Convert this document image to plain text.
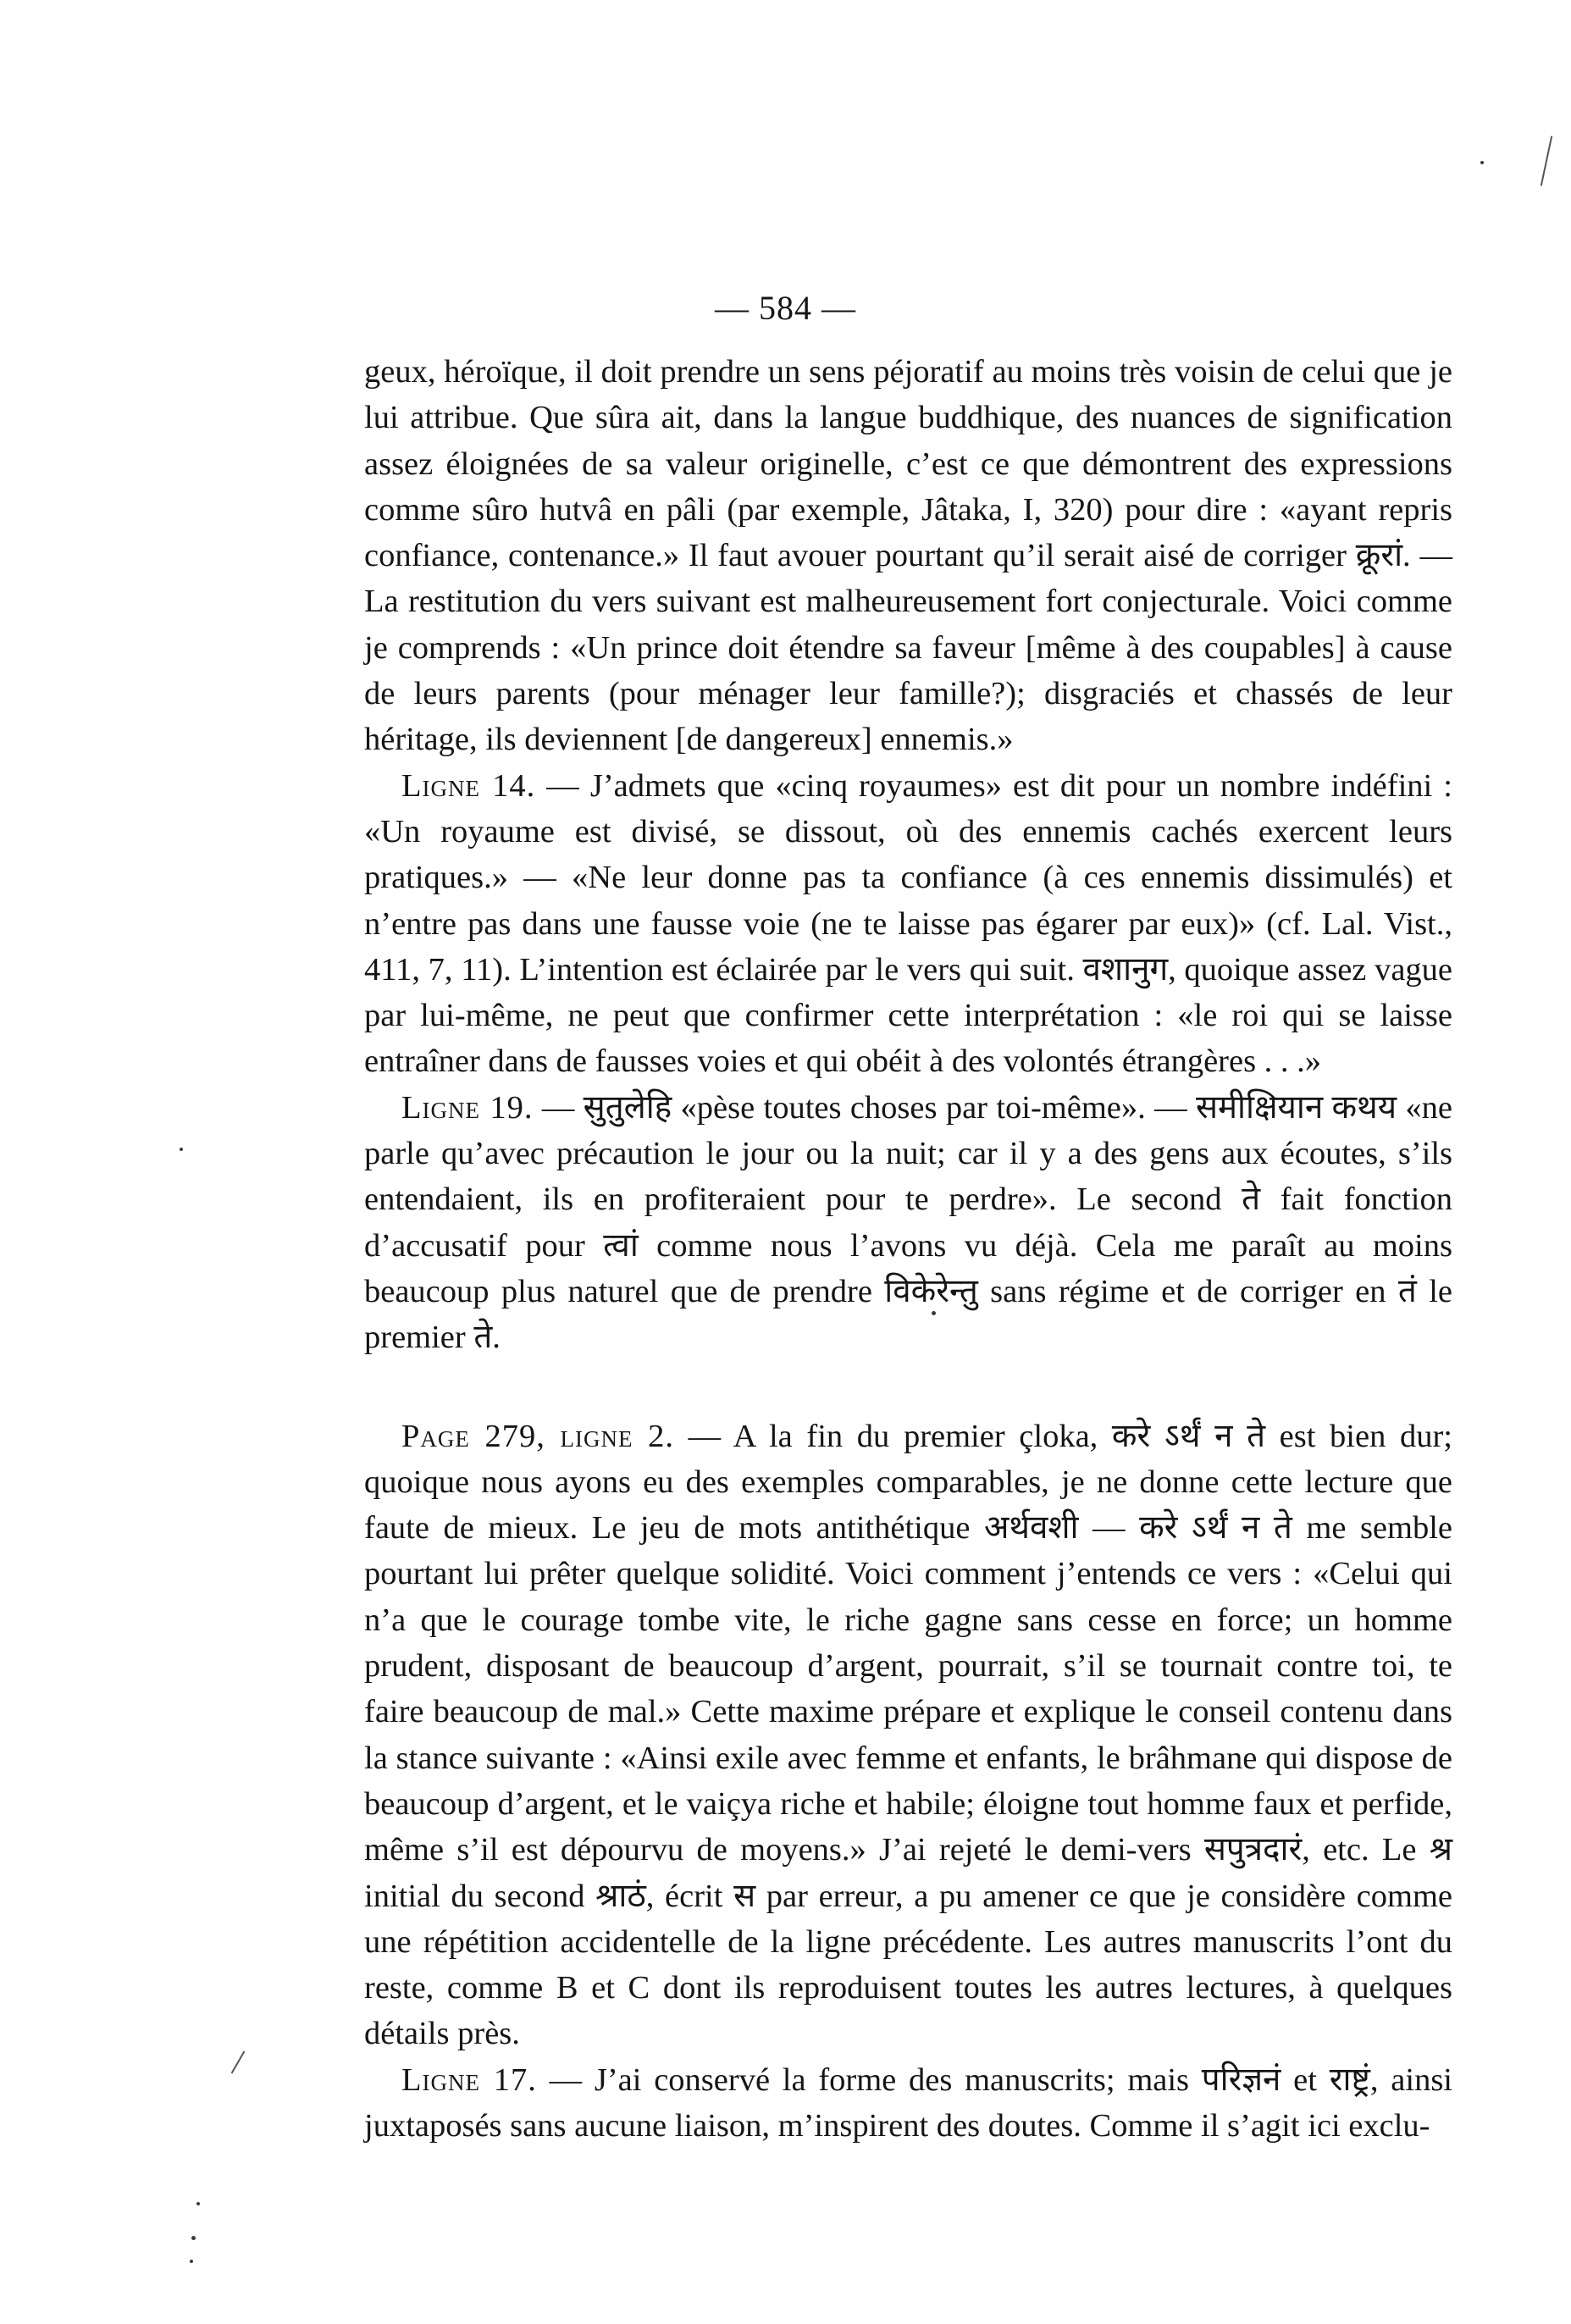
— 584 —

geux, héroïque, il doit prendre un sens péjoratif au moins très voisin de celui que je lui attribue. Que sûra ait, dans la langue buddhique, des nuances de signification assez éloignées de sa valeur originelle, c’est ce que démontrent des expressions comme sûro hutvâ en pâli (par exemple, Jâtaka, I, 320) pour dire : «ayant repris confiance, contenance.» Il faut avouer pourtant qu’il serait aisé de corriger क्रूरां. — La restitution du vers suivant est malheureusement fort conjecturale. Voici comme je comprends : «Un prince doit étendre sa faveur [même à des coupables] à cause de leurs parents (pour ménager leur famille?); disgraciés et chassés de leur héritage, ils deviennent [de dangereux] ennemis.»

Ligne 14. — J’admets que «cinq royaumes» est dit pour un nombre indéfini : «Un royaume est divisé, se dissout, où des ennemis cachés exercent leurs pratiques.» — «Ne leur donne pas ta confiance (à ces ennemis dissimulés) et n’entre pas dans une fausse voie (ne te laisse pas égarer par eux)» (cf. Lal. Vist., 411, 7, 11). L’intention est éclairée par le vers qui suit. वशानुग, quoique assez vague par lui-même, ne peut que confirmer cette interprétation : «le roi qui se laisse entraîner dans de fausses voies et qui obéit à des volontés étrangères . . .»

Ligne 19. — सुतुलेहि «pèse toutes choses par toi-même». — समीक्षियान कथय «ne parle qu’avec précaution le jour ou la nuit; car il y a des gens aux écoutes, s’ils entendaient, ils en profiteraient pour te perdre». Le second ते fait fonction d’accusatif pour त्वां comme nous l’avons vu déjà. Cela me paraît au moins beaucoup plus naturel que de prendre विकेरेन्तु sans régime et de corriger en तं le premier ते.

Page 279, ligne 2. — A la fin du premier çloka, करे ऽर्थं न ते est bien dur; quoique nous ayons eu des exemples comparables, je ne donne cette lecture que faute de mieux. Le jeu de mots antithétique अर्थवशी — करे ऽर्थं न ते me semble pourtant lui prêter quelque solidité. Voici comment j’entends ce vers : «Celui qui n’a que le courage tombe vite, le riche gagne sans cesse en force; un homme prudent, disposant de beaucoup d’argent, pourrait, s’il se tournait contre toi, te faire beaucoup de mal.» Cette maxime prépare et explique le conseil contenu dans la stance suivante : «Ainsi exile avec femme et enfants, le brâhmane qui dispose de beaucoup d’argent, et le vaiçya riche et habile; éloigne tout homme faux et perfide, même s’il est dépourvu de moyens.» J’ai rejeté le demi-vers सपुत्रदारं, etc. Le श्र initial du second श्राठं, écrit स par erreur, a pu amener ce que je considère comme une répétition accidentelle de la ligne précédente. Les autres manuscrits l’ont du reste, comme B et C dont ils reproduisent toutes les autres lectures, à quelques détails près.

Ligne 17. — J’ai conservé la forme des manuscrits; mais परिज्ञनं et राष्ट्रं, ainsi juxtaposés sans aucune liaison, m’inspirent des doutes. Comme il s’agit ici exclu-
